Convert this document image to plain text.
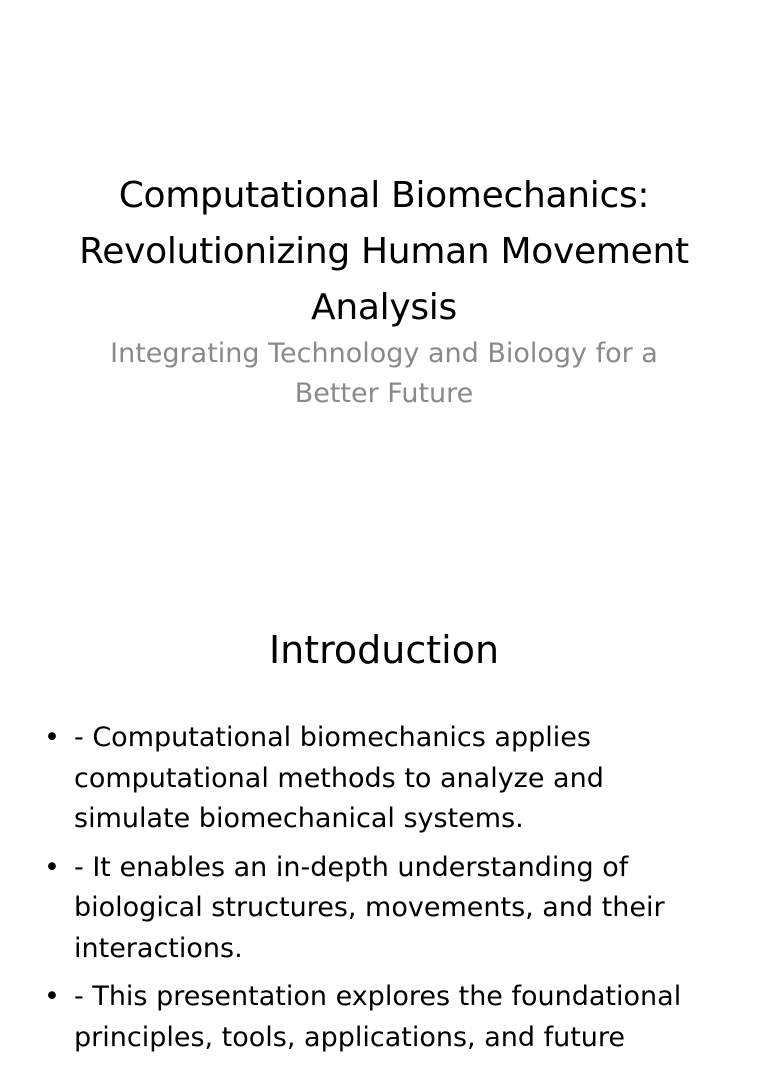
Computational Biomechanics: Revolutionizing Human Movement Analysis

Integrating Technology and Biology for a Better Future

Introduction
• - Computational biomechanics applies computational methods to analyze and simulate biomechanical systems.
• - It enables an in-depth understanding of biological structures, movements, and their interactions.
• - This presentation explores the foundational principles, tools, applications, and future
